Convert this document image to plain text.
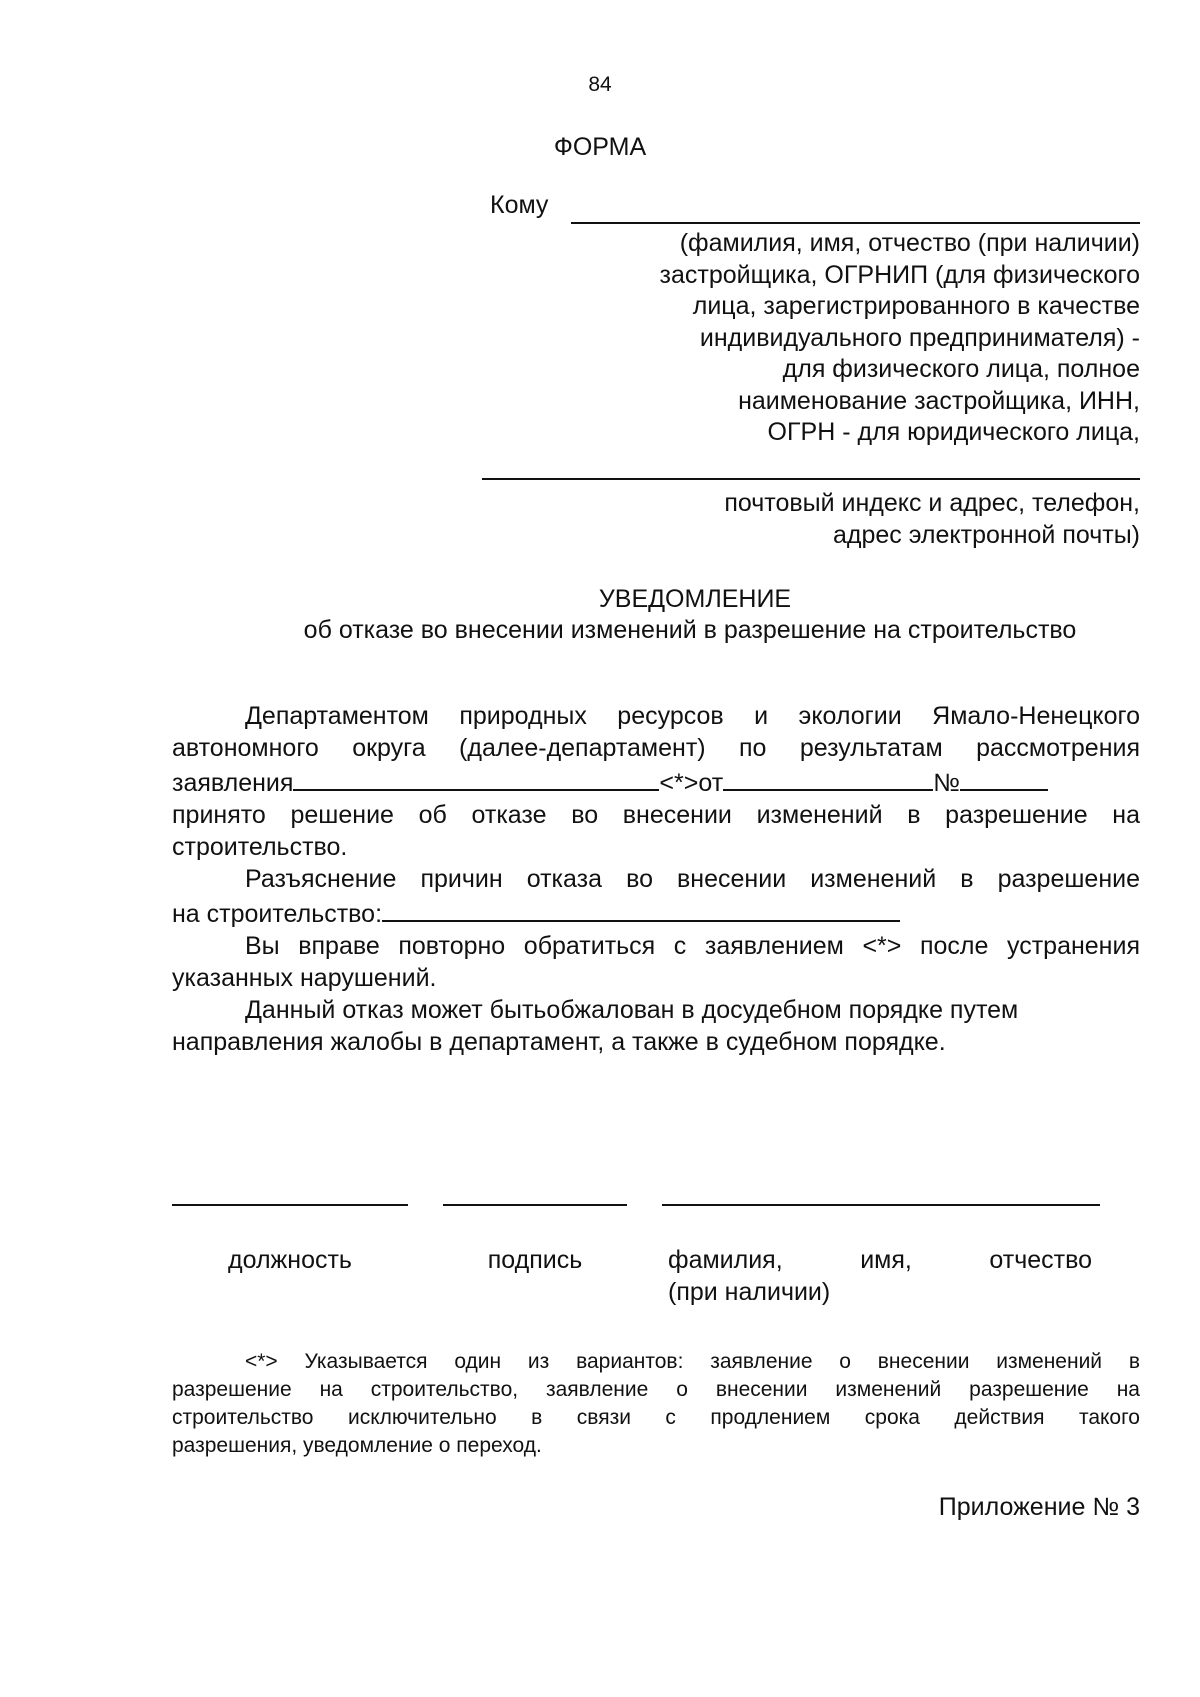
84
ФОРМА
Кому
(фамилия, имя, отчество (при наличии)
застройщика, ОГРНИП (для физического
лица, зарегистрированного в качестве
индивидуального предпринимателя) -
для физического лица, полное
наименование застройщика, ИНН,
ОГРН - для юридического лица,
почтовый индекс и адрес, телефон,
адрес электронной почты)
УВЕДОМЛЕНИЕ
об отказе во внесении изменений в разрешение на строительство

Департаментом природных ресурсов и экологии Ямало-Ненецкого

автономного округа (далее-департамент) по результатам рассмотрения

заявления	<*>от	№

принято решение об отказе во внесении изменений в разрешение на

строительство.

Разъяснение причин отказа во внесении изменений в разрешение

на строительство:

Вы вправе повторно обратиться с заявлением <*> после устранения

указанных нарушений.

Данный отказ может бытьобжалован в досудебном порядке путем

направления жалобы в департамент, а также в судебном порядке.

должность	подпись	фамилия,	имя,	отчество
(при наличии)

<*> Указывается один из вариантов: заявление о внесении изменений в

разрешение на строительство, заявление о внесении изменений разрешение на

строительство исключительно в связи с продлением срока действия такого

разрешения, уведомление о переход.

Приложение № 3
